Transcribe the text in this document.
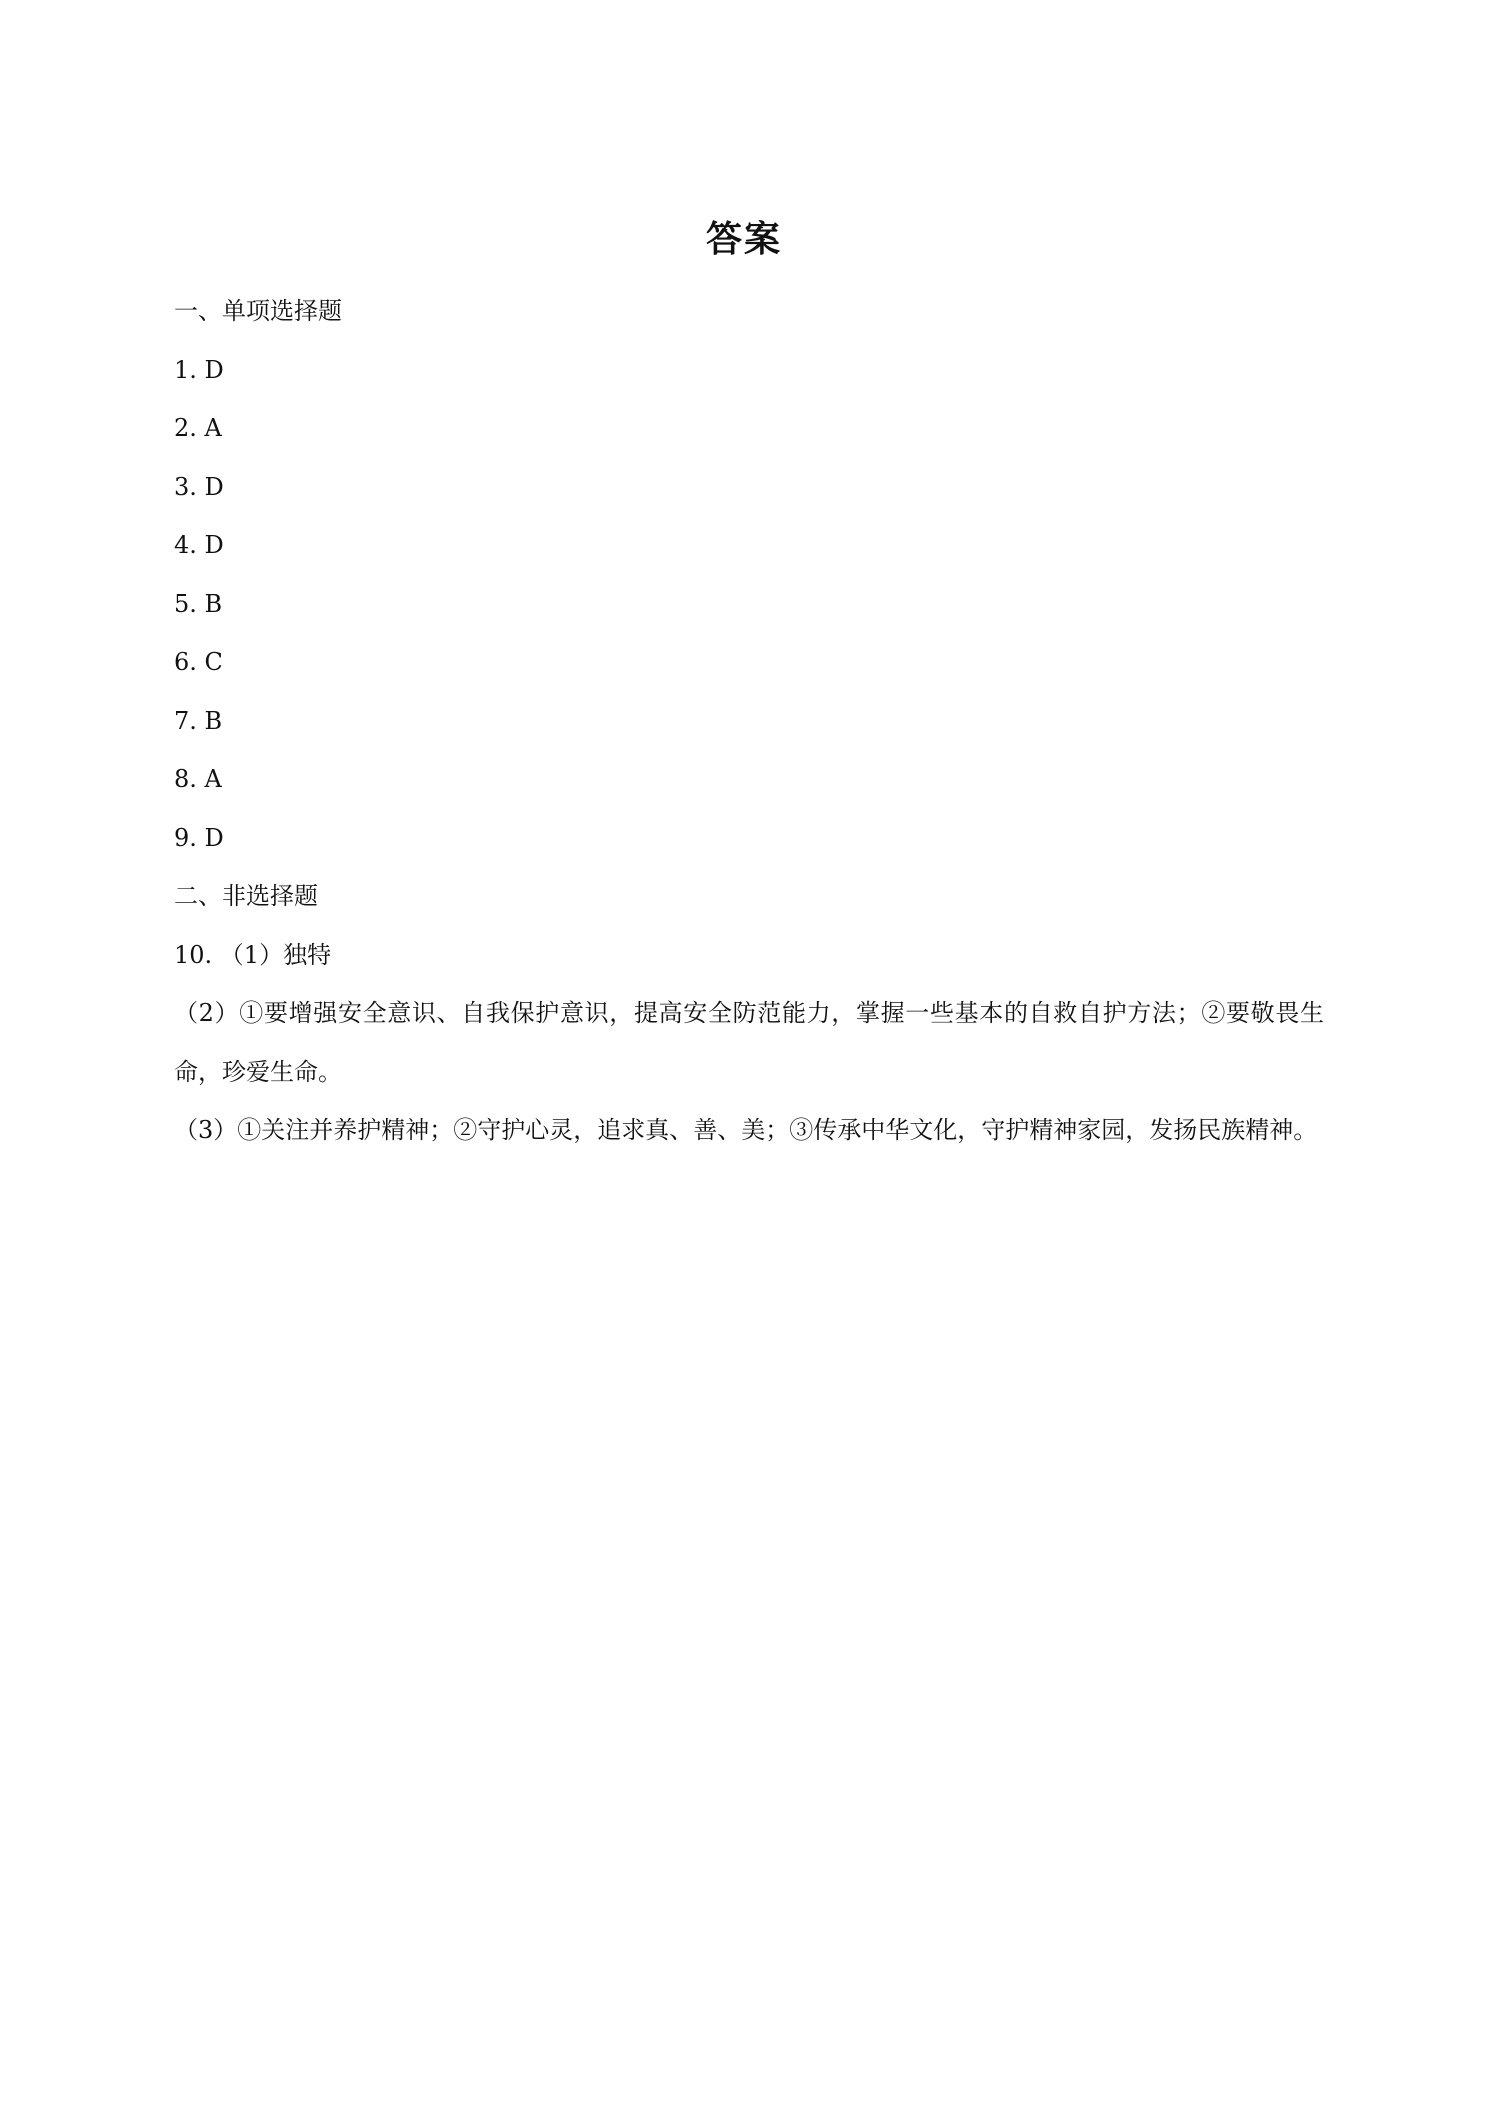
答案
一、单项选择题
1. D
2. A
3. D
4. D
5. B
6. C
7. B
8. A
9. D
二、非选择题
10. （1）独特
（2）①要增强安全意识、自我保护意识，提高安全防范能力，掌握一些基本的自救自护方法；②要敬畏生命，珍爱生命。
（3）①关注并养护精神；②守护心灵，追求真、善、美；③传承中华文化，守护精神家园，发扬民族精神。
